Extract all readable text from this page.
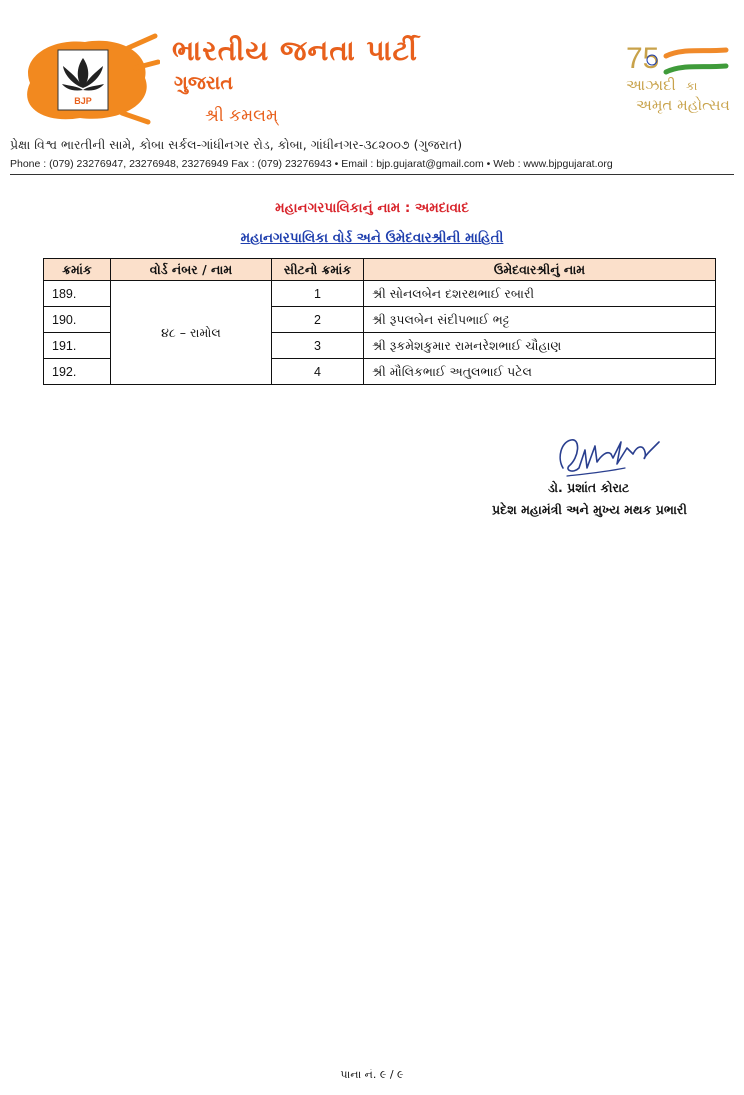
BJP
ભારતીય જનતા પાર્ટી
ગુજરાત
શ્રી કમલમ્
75
આઝાદી કા
અમૃત મહોત્સવ
પ્રેક્ષા વિશ્વ ભારતીની સામે, કોબા સર્કલ-ગાંધીનગર રોડ, કોબા, ગાંધીનગર-૩૮૨૦૦૭ (ગુજરાત)
Phone : (079) 23276947, 23276948, 23276949 Fax : (079) 23276943 • Email : bjp.gujarat@gmail.com • Web : www.bjpgujarat.org
મહાનગરપાલિકાનું નામ : અમદાવાદ
મહાનગરપાલિકા વોર્ડ અને ઉમેદવારશ્રીની માહિતી
ક્રમાંક	વોર્ડ નંબર / નામ	સીટનો ક્રમાંક	ઉમેદવારશ્રીનું નામ
189.	૪૮ – રામોલ	1	શ્રી સોનલબેન દશરથભાઈ રબારી
190.		2	શ્રી રૂપલબેન સંદીપભાઈ ભટ્ટ
191.		3	શ્રી રૂકમેશકુમાર રામનરેશભાઈ ચૌહાણ
192.		4	શ્રી મૌલિકભાઈ અતુલભાઈ પટેલ
ડો. પ્રશાંત કોરાટ
પ્રદેશ મહામંત્રી અને મુખ્ય મથક પ્રભારી
પાના નં. ૯ / ૯
